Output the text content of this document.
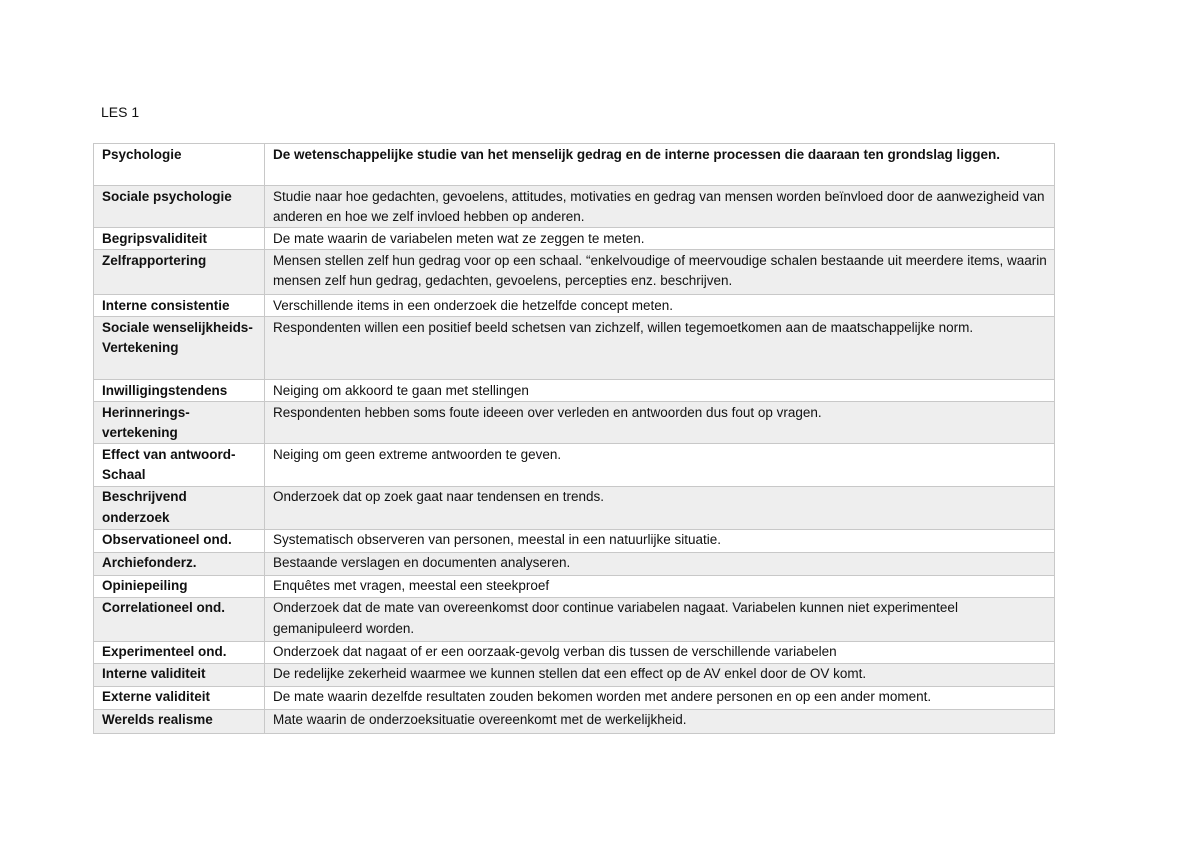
LES 1
Psychologie	De wetenschappelijke studie van het menselijk gedrag en de interne processen die daaraan ten grondslag liggen.
Sociale psychologie	Studie naar hoe gedachten, gevoelens, attitudes, motivaties en gedrag van mensen worden beïnvloed door de aanwezigheid van anderen en hoe we zelf invloed hebben op anderen.
Begripsvaliditeit	De mate waarin de variabelen meten wat ze zeggen te meten.
Zelfrapportering	Mensen stellen zelf hun gedrag voor op een schaal. “enkelvoudige of meervoudige schalen bestaande uit meerdere items, waarin mensen zelf hun gedrag, gedachten, gevoelens, percepties enz. beschrijven.
Interne consistentie	Verschillende items in een onderzoek die hetzelfde concept meten.
Sociale wenselijkheids-Vertekening	Respondenten willen een positief beeld schetsen van zichzelf, willen tegemoetkomen aan de maatschappelijke norm.
Inwilligingstendens	Neiging om akkoord te gaan met stellingen
Herinnerings-vertekening	Respondenten hebben soms foute ideeen over verleden en antwoorden dus fout op vragen.
Effect van antwoord-Schaal	Neiging om geen extreme antwoorden te geven.
Beschrijvend onderzoek	Onderzoek dat op zoek gaat naar tendensen en trends.
Observationeel ond.	Systematisch observeren van personen, meestal in een natuurlijke situatie.
Archiefonderz.	Bestaande verslagen en documenten analyseren.
Opiniepeiling	Enquêtes met vragen, meestal een steekproef
Correlationeel ond.	Onderzoek dat de mate van overeenkomst door continue variabelen nagaat. Variabelen kunnen niet experimenteel gemanipuleerd worden.
Experimenteel ond.	Onderzoek dat nagaat of er een oorzaak-gevolg verban dis tussen de verschillende variabelen
Interne validiteit	De redelijke zekerheid waarmee we kunnen stellen dat een effect op de AV enkel door de OV komt.
Externe validiteit	De mate waarin dezelfde resultaten zouden bekomen worden met andere personen en op een ander moment.
Werelds realisme	Mate waarin de onderzoeksituatie overeenkomt met de werkelijkheid.
